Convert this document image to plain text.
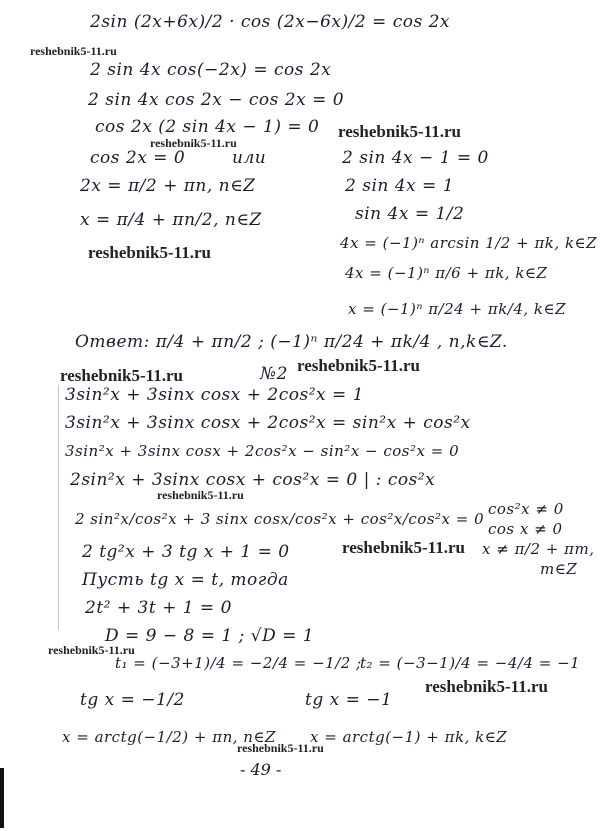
2sin (2x+6x)/2 · cos (2x−6x)/2 = cos 2x
2 sin 4x cos(−2x) = cos 2x
2 sin 4x cos 2x − cos 2x = 0
cos 2x (2 sin 4x − 1) = 0
cos 2x = 0	или
2x = π/2 + πn, n∈Z
x = π/4 + πn/2, n∈Z
2 sin 4x − 1 = 0
2 sin 4x = 1
sin 4x = 1/2
4x = (−1)ⁿ arcsin 1/2 + πk, k∈Z
4x = (−1)ⁿ π/6 + πk, k∈Z
x = (−1)ⁿ π/24 + πk/4, k∈Z
Ответ: π/4 + πn/2 ; (−1)ⁿ π/24 + πk/4 , n,k∈Z.
№2
3sin²x + 3sinx cosx + 2cos²x = 1
3sin²x + 3sinx cosx + 2cos²x = sin²x + cos²x
3sin²x + 3sinx cosx + 2cos²x − sin²x − cos²x = 0
2sin²x + 3sinx cosx + cos²x = 0 | : cos²x
2 sin²x/cos²x + 3 sinx cosx/cos²x + cos²x/cos²x = 0
cos²x ≠ 0
cos x ≠ 0
x ≠ π/2 + πm,
m∈Z
2 tg²x + 3 tg x + 1 = 0
Пусть tg x = t, тогда
2t² + 3t + 1 = 0
D = 9 − 8 = 1 ; √D = 1
t₁ = (−3+1)/4 = −2/4 = −1/2 ;
t₂ = (−3−1)/4 = −4/4 = −1
tg x = −1/2	tg x = −1
x = arctg(−1/2) + πn, n∈Z x = arctg(−1) + πk, k∈Z
- 49 -
reshebnik5-11.ru
reshebnik5-11.ru
reshebnik5-11.ru
reshebnik5-11.ru
reshebnik5-11.ru
reshebnik5-11.ru
reshebnik5-11.ru
reshebnik5-11.ru
reshebnik5-11.ru
reshebnik5-11.ru
reshebnik5-11.ru
